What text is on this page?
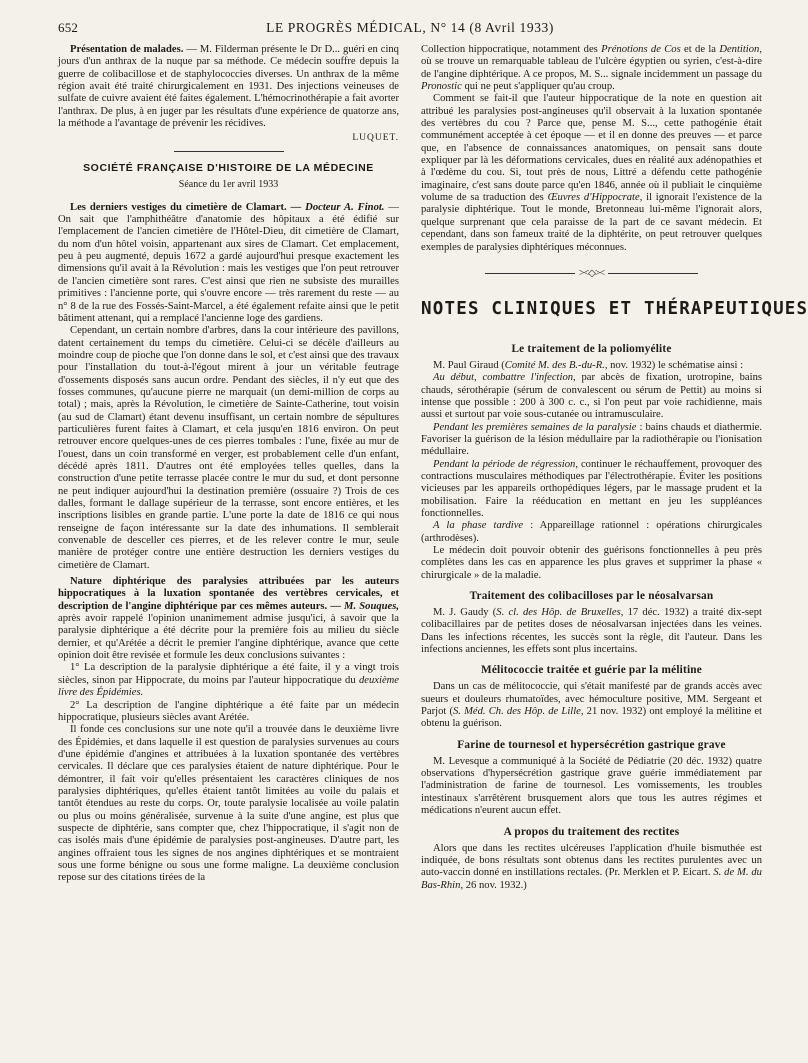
652	LE PROGRÈS MÉDICAL, N° 14 (8 Avril 1933)

Présentation de malades. — M. Filderman présente le Dr D... guéri en cinq jours d'un anthrax de la nuque par sa méthode. Ce médecin souffre depuis la guerre de colibacillose et de staphylococcies diverses. Un anthrax de la même région avait été traité chirurgicalement en 1931. Des injections veineuses de sulfate de cuivre avaient été faites également. L'hémocrinothérapie a fait avorter l'anthrax. De plus, à en juger par les résultats d'une expérience de quatorze ans, la méthode a l'avantage de prévenir les récidives.

LUQUET.

SOCIÉTÉ FRANÇAISE D'HISTOIRE DE LA MÉDECINE

Séance du 1er avril 1933

Les derniers vestiges du cimetière de Clamart. — Docteur A. Finot. — On sait que l'amphithéâtre d'anatomie des hôpitaux a été édifié sur l'emplacement de l'ancien cimetière de l'Hôtel-Dieu, dit cimetière de Clamart, du nom d'un hôtel voisin, appartenant aux sires de Clamart. Cet emplacement, peu à peu augmenté, depuis 1672 a gardé aujourd'hui presque exactement les dimensions qu'il avait à la Révolution : mais les vestiges que l'on peut retrouver de l'ancien cimetière sont rares. C'est ainsi que rien ne subsiste des murailles primitives : l'ancienne porte, qui s'ouvre encore — très rarement du reste — au n° 8 de la rue des Fossés-Saint-Marcel, a été également refaite ainsi que le petit bâtiment attenant, qui a remplacé l'ancienne loge des gardiens.

Cependant, un certain nombre d'arbres, dans la cour intérieure des pavillons, datent certainement du temps du cimetière. Celui-ci se décèle d'ailleurs au moindre coup de pioche que l'on donne dans le sol, et c'est ainsi que des travaux pour l'installation du tout-à-l'égout mirent à jour un véritable feutrage d'ossements disposés sans aucun ordre. Pendant des siècles, il n'y eut que des fosses communes, qu'aucune pierre ne marquait (un demi-million de corps au total) ; mais, après la Révolution, le cimetière de Sainte-Catherine, tout voisin (au sud de Clamart) étant devenu insuffisant, un certain nombre de sépultures particulières furent faites à Clamart, et cela jusqu'en 1816 environ. On peut retrouver encore quelques-unes de ces pierres tombales : l'une, fixée au mur de l'ouest, dans un coin transformé en verger, est probablement celle d'un enfant, décédé après 1811. D'autres ont été employées telles quelles, dans la construction d'une petite terrasse placée contre le mur du sud, et dont personne ne peut indiquer aujourd'hui la destination première (ossuaire ?) Trois de ces dalles, formant le dallage supérieur de la terrasse, sont encore entières, et les inscriptions lisibles en grande partie. L'une porte la date de 1816 ce qui nous renseigne de façon intéressante sur la date des inhumations. Il semblerait convenable de desceller ces pierres, et de les relever contre le mur, seule manière de protéger contre une entière destruction les derniers vestiges du cimetière de Clamart.

Nature diphtérique des paralysies attribuées par les auteurs hippocratiques à la luxation spontanée des vertèbres cervicales, et description de l'angine diphtérique par ces mêmes auteurs. — M. Souques, après avoir rappelé l'opinion unanimement admise jusqu'ici, à savoir que la paralysie diphtérique a été décrite pour la première fois au milieu du siècle dernier, et qu'Arétée a décrit le premier l'angine diphtérique, avance que cette opinion doit être revisée et formule les deux conclusions suivantes :

1° La description de la paralysie diphtérique a été faite, il y a vingt trois siècles, sinon par Hippocrate, du moins par l'auteur hippocratique du deuxième livre des Épidémies.

2° La description de l'angine diphtérique a été faite par un médecin hippocratique, plusieurs siècles avant Arétée.

Il fonde ces conclusions sur une note qu'il a trouvée dans le deuxième livre des Épidémies, et dans laquelle il est question de paralysies survenues au cours d'une épidémie d'angines et attribuées à la luxation spontanée des vertèbres cervicales. Il déclare que ces paralysies étaient de nature diphtérique. Pour le démontrer, il fait voir qu'elles présentaient les caractères cliniques de nos paralysies diphtériques, qu'elles étaient tantôt limitées au voile du palais et tantôt étendues au reste du corps. Or, toute paralysie localisée au voile palatin ou plus ou moins généralisée, survenue à la suite d'une angine, est plus que suspecte de diphtérie, sans compter que, chez l'hippocratique, il s'agit non de cas isolés mais d'une épidémie de paralysies post-angineuses. D'autre part, les angines offraient tous les signes de nos angines diphtériques et se montraient sous une forme bénigne ou sous une forme maligne. La deuxième conclusion repose sur des citations tirées de la

Collection hippocratique, notamment des Prénotions de Cos et de la Dentition, où se trouve un remarquable tableau de l'ulcère égyptien ou syrien, c'est-à-dire de l'angine diphtérique. A ce propos, M. S... signale incidemment un passage du Pronostic qui ne peut s'appliquer qu'au croup.

Comment se fait-il que l'auteur hippocratique de la note en question ait attribué les paralysies post-angineuses qu'il observait à la luxation spontanée des vertèbres du cou ? Parce que, pense M. S..., cette pathogénie était communément acceptée à cet époque — et il en donne des preuves — et parce que, en l'absence de connaissances anatomiques, on pensait sans doute expliquer par là les déformations cervicales, dues en réalité aux adénopathies et à l'œdème du cou. Si, tout près de nous, Littré a défendu cette pathogénie imaginaire, c'est sans doute parce qu'en 1846, année où il publiait le cinquième volume de sa traduction des Œuvres d'Hippocrate, il ignorait l'existence de la paralysie diphtérique. Tout le monde, Bretonneau lui-même l'ignorait alors, quelque surprenant que cela paraisse de la part de ce savant médecin. Et cependant, dans son fameux traité de la diphtérite, on peut retrouver quelques exemples de paralysies diphtériques méconnues.

><◇><
NOTES CLINIQUES ET THÉRAPEUTIQUES
Le traitement de la poliomyélite

M. Paul Giraud (Comité M. des B.-du-R., nov. 1932) le schématise ainsi :

Au début, combattre l'infection, par abcès de fixation, urotropine, bains chauds, sérothérapie (sérum de convalescent ou sérum de Pettit) au moins si intense que possible : 200 à 300 c. c., si l'on peut par voie rachidienne, mais aussi et surtout par voie sous-cutanée ou intramusculaire.

Pendant les premières semaines de la paralysie : bains chauds et diathermie. Favoriser la guérison de la lésion médullaire par la radiothérapie ou l'ionisation médullaire.

Pendant la période de régression, continuer le réchauffement, provoquer des contractions musculaires méthodiques par l'électrothérapie. Éviter les positions vicieuses par les appareils orthopédiques légers, par le massage prudent et la mobilisation. Faire la rééducation en mettant en jeu les suppléances fonctionnelles.

A la phase tardive : Appareillage rationnel : opérations chirurgicales (arthrodèses).

Le médecin doit pouvoir obtenir des guérisons fonctionnelles à peu près complètes dans les cas en apparence les plus graves et supprimer la phase « chirurgicale » de la maladie.

Traitement des colibacilloses par le néosalvarsan

M. J. Gaudy (S. cl. des Hôp. de Bruxelles, 17 déc. 1932) a traité dix-sept colibacillaires par de petites doses de néosalvarsan injectées dans les veines. Dans les infections récentes, les succès sont la règle, dit l'auteur. Dans les infections anciennes, les effets sont plus incertains.

Mélitococcie traitée et guérie par la mélitine

Dans un cas de mélitococcie, qui s'était manifesté par de grands accès avec sueurs et douleurs rhumatoïdes, avec hémoculture positive, MM. Sergeant et Parjot (S. Méd. Ch. des Hôp. de Lille, 21 nov. 1932) ont employé la mélitine et obtenu la guérison.

Farine de tournesol et hypersécrétion gastrique grave

M. Levesque a communiqué à la Société de Pédiatrie (20 déc. 1932) quatre observations d'hypersécrétion gastrique grave guérie immédiatement par l'administration de farine de tournesol. Les vomissements, les troubles intestinaux s'arrêtèrent brusquement alors que tous les autres régimes et médications n'eurent aucun effet.

A propos du traitement des rectites

Alors que dans les rectites ulcéreuses l'application d'huile bismuthée est indiquée, de bons résultats sont obtenus dans les rectites purulentes avec un auto-vaccin donné en instillations rectales. (Pr. Merklen et P. Eicart. S. de M. du Bas-Rhin, 26 nov. 1932.)
